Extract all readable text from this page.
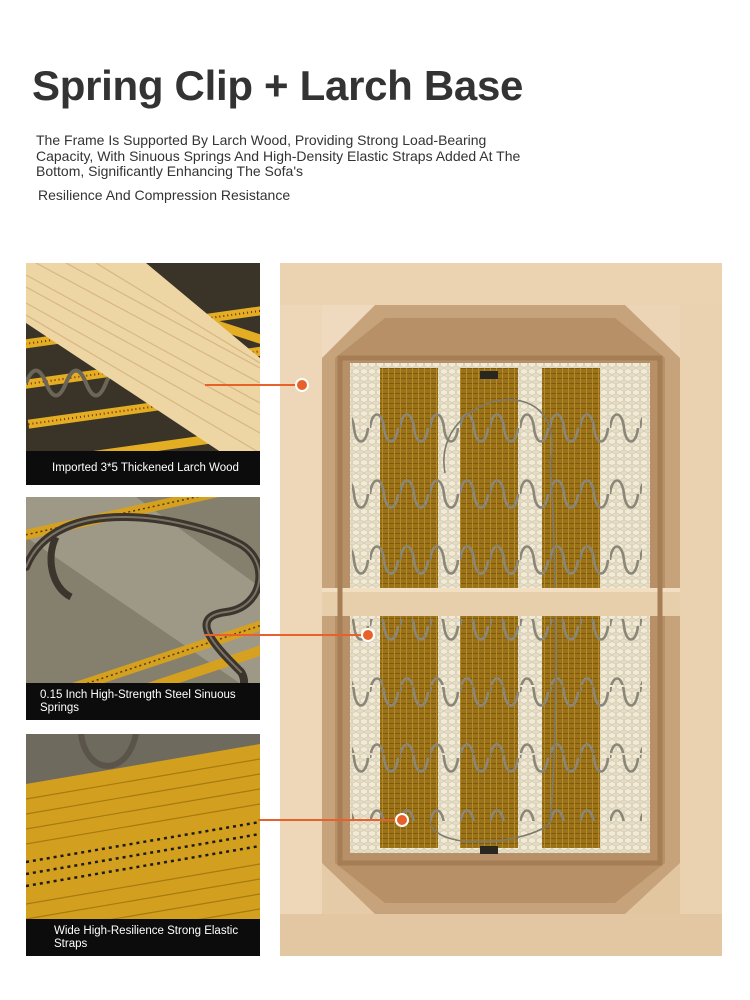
Spring Clip + Larch Base

The Frame Is Supported By Larch Wood, Providing Strong Load-Bearing Capacity, With Sinuous Springs And High-Density Elastic Straps Added At The Bottom, Significantly Enhancing The Sofa's

Resilience And Compression Resistance

Imported 3*5 Thickened Larch Wood
0.15 Inch High-Strength Steel Sinuous Springs
Wide High-Resilience Strong Elastic Straps
